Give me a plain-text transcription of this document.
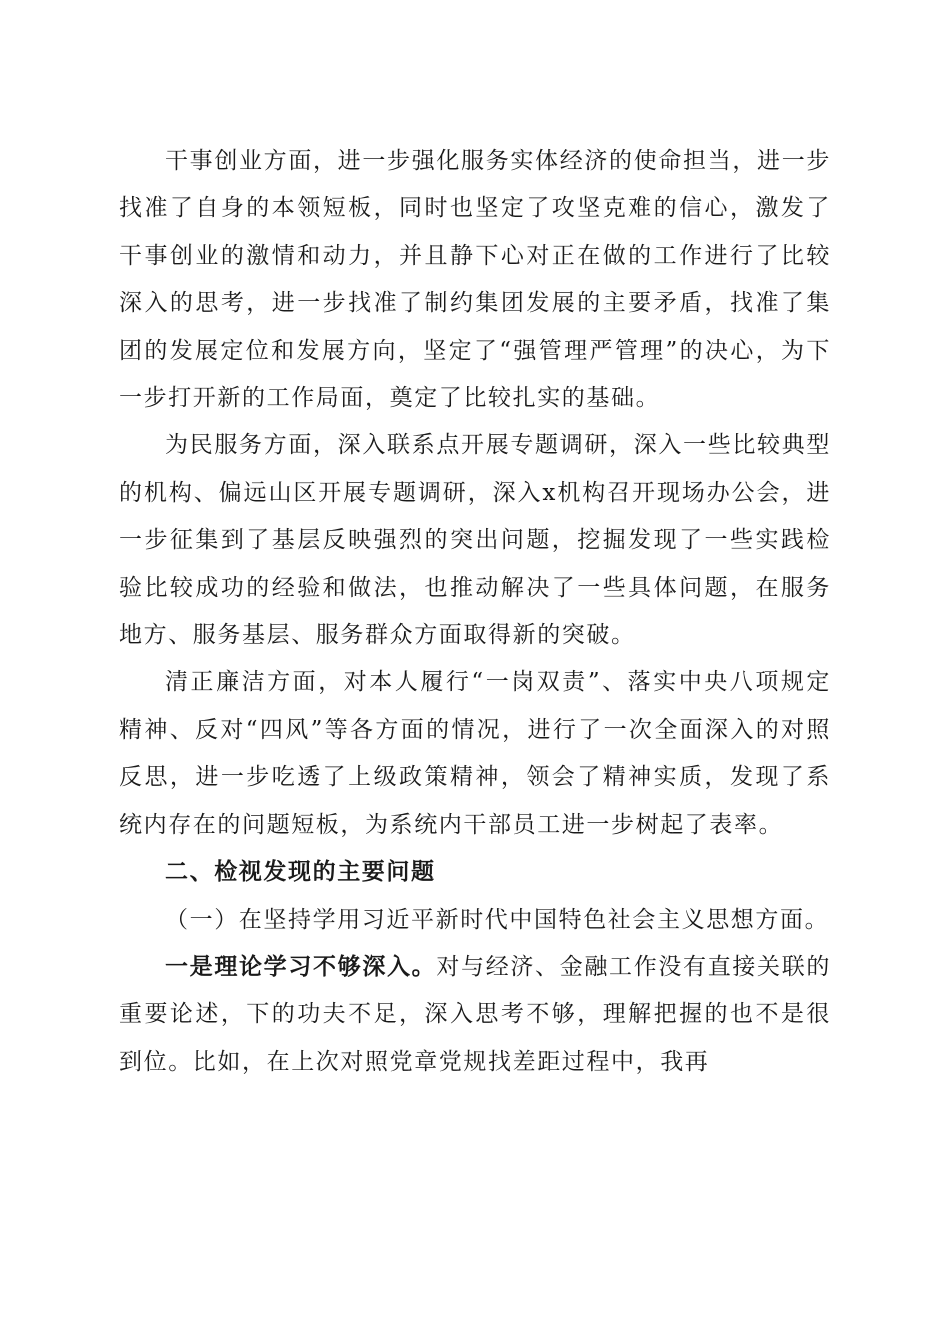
干事创业方面，进一步强化服务实体经济的使命担当，进一步找准了自身的本领短板，同时也坚定了攻坚克难的信心，激发了干事创业的激情和动力，并且静下心对正在做的工作进行了比较深入的思考，进一步找准了制约集团发展的主要矛盾，找准了集团的发展定位和发展方向，坚定了“强管理严管理”的决心，为下一步打开新的工作局面，奠定了比较扎实的基础。

为民服务方面，深入联系点开展专题调研，深入一些比较典型的机构、偏远山区开展专题调研，深入x机构召开现场办公会，进一步征集到了基层反映强烈的突出问题，挖掘发现了一些实践检验比较成功的经验和做法，也推动解决了一些具体问题，在服务地方、服务基层、服务群众方面取得新的突破。

清正廉洁方面，对本人履行“一岗双责”、落实中央八项规定精神、反对“四风”等各方面的情况，进行了一次全面深入的对照反思，进一步吃透了上级政策精神，领会了精神实质，发现了系统内存在的问题短板，为系统内干部员工进一步树起了表率。

二、检视发现的主要问题

（一）在坚持学用习近平新时代中国特色社会主义思想方面。

一是理论学习不够深入。对与经济、金融工作没有直接关联的重要论述，下的功夫不足，深入思考不够，理解把握的也不是很到位。比如，在上次对照党章党规找差距过程中，我再
